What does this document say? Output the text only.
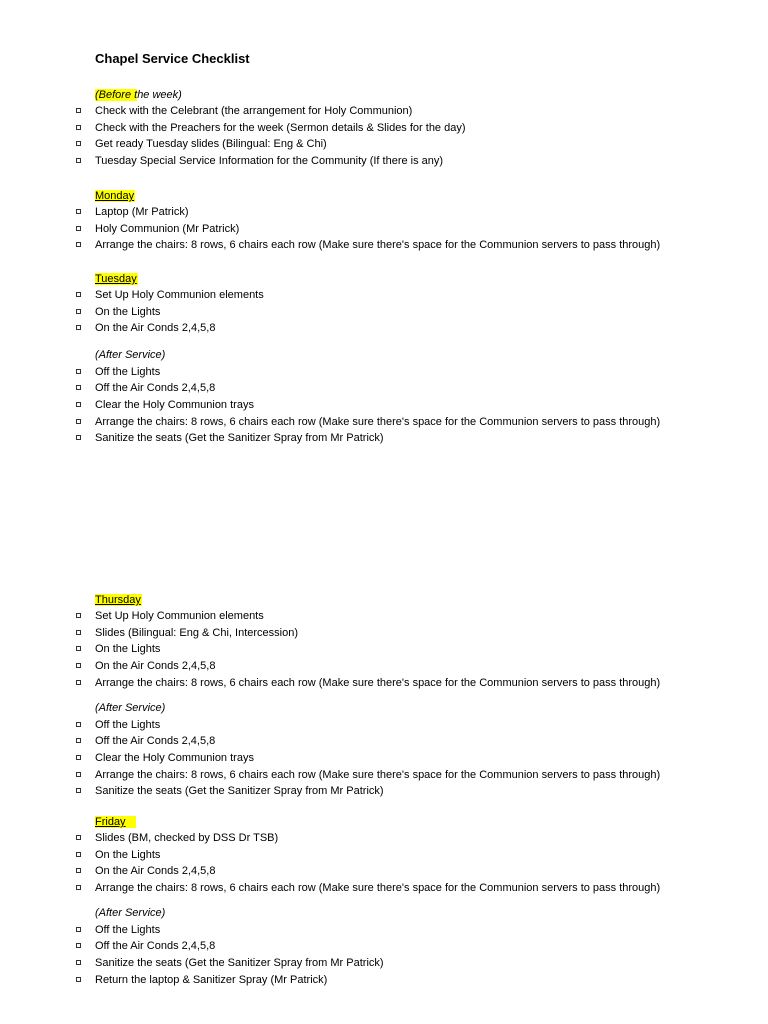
Chapel Service Checklist
(Before the week)
Check with the Celebrant (the arrangement for Holy Communion)
Check with the Preachers for the week (Sermon details & Slides for the day)
Get ready Tuesday slides (Bilingual: Eng & Chi)
Tuesday Special Service Information for the Community (If there is any)
Monday
Laptop (Mr Patrick)
Holy Communion (Mr Patrick)
Arrange the chairs: 8 rows, 6 chairs each row (Make sure there's space for the Communion servers to pass through)
Tuesday
Set Up Holy Communion elements
On the Lights
On the Air Conds 2,4,5,8
(After Service)
Off the Lights
Off the Air Conds 2,4,5,8
Clear the Holy Communion trays
Arrange the chairs: 8 rows, 6 chairs each row (Make sure there's space for the Communion servers to pass through)
Sanitize the seats (Get the Sanitizer Spray from Mr Patrick)
Thursday
Set Up Holy Communion elements
Slides (Bilingual: Eng & Chi, Intercession)
On the Lights
On the Air Conds 2,4,5,8
Arrange the chairs: 8 rows, 6 chairs each row (Make sure there's space for the Communion servers to pass through)
(After Service)
Off the Lights
Off the Air Conds 2,4,5,8
Clear the Holy Communion trays
Arrange the chairs: 8 rows, 6 chairs each row (Make sure there's space for the Communion servers to pass through)
Sanitize the seats (Get the Sanitizer Spray from Mr Patrick)
Friday
Slides (BM, checked by DSS Dr TSB)
On the Lights
On the Air Conds 2,4,5,8
Arrange the chairs: 8 rows, 6 chairs each row (Make sure there's space for the Communion servers to pass through)
(After Service)
Off the Lights
Off the Air Conds 2,4,5,8
Sanitize the seats (Get the Sanitizer Spray from Mr Patrick)
Return the laptop & Sanitizer Spray (Mr Patrick)
